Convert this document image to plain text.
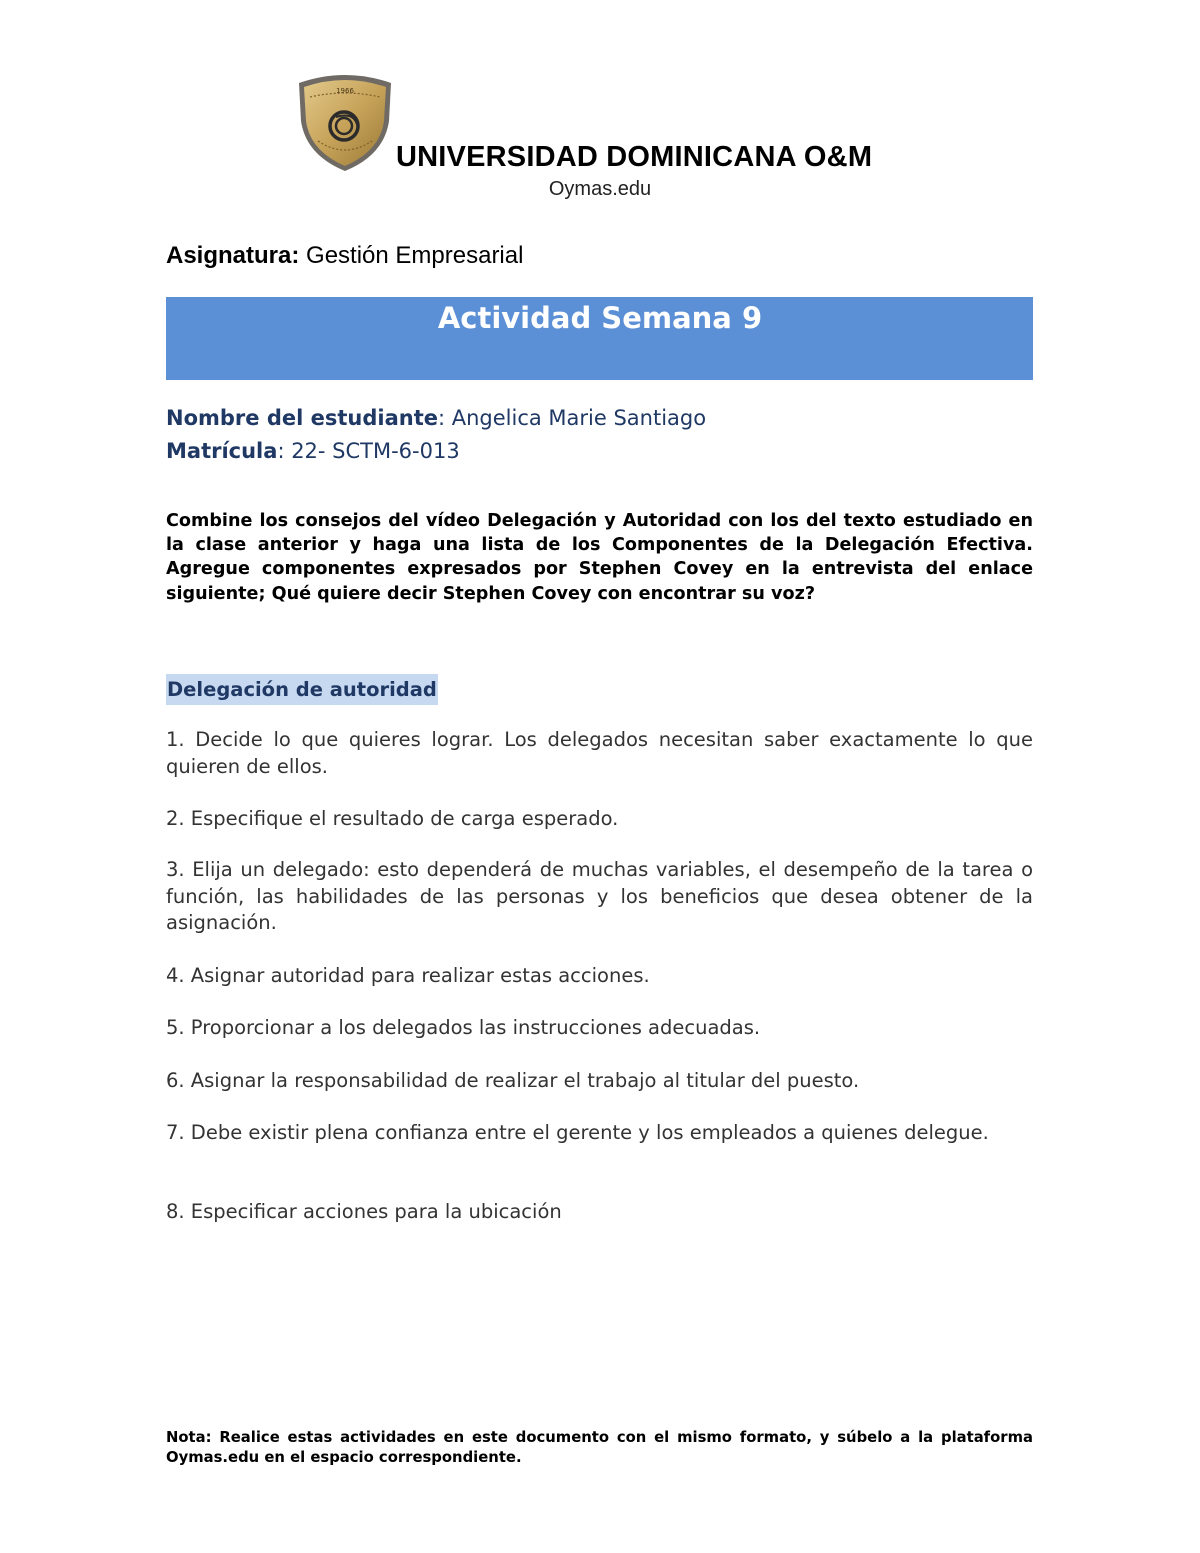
1966
UNIVERSIDAD DOMINICANA O&M
Oymas.edu
Asignatura: Gestión Empresarial
Actividad Semana 9
Nombre del estudiante: Angelica Marie Santiago
Matrícula: 22- SCTM-6-013
Combine los consejos del vídeo Delegación y Autoridad con los del texto estudiado en la clase anterior y haga una lista de los Componentes de la Delegación Efectiva. Agregue componentes expresados por Stephen Covey en la entrevista del enlace siguiente; Qué quiere decir Stephen Covey con encontrar su voz?
Delegación de autoridad
1. Decide lo que quieres lograr. Los delegados necesitan saber exactamente lo que quieren de ellos.
2. Especifique el resultado de carga esperado.
3. Elija un delegado: esto dependerá de muchas variables, el desempeño de la tarea o función, las habilidades de las personas y los beneficios que desea obtener de la asignación.
4. Asignar autoridad para realizar estas acciones.
5. Proporcionar a los delegados las instrucciones adecuadas.
6. Asignar la responsabilidad de realizar el trabajo al titular del puesto.
7. Debe existir plena confianza entre el gerente y los empleados a quienes delegue.
8. Especificar acciones para la ubicación
Nota: Realice estas actividades en este documento con el mismo formato, y súbelo a la plataforma Oymas.edu en el espacio correspondiente.
